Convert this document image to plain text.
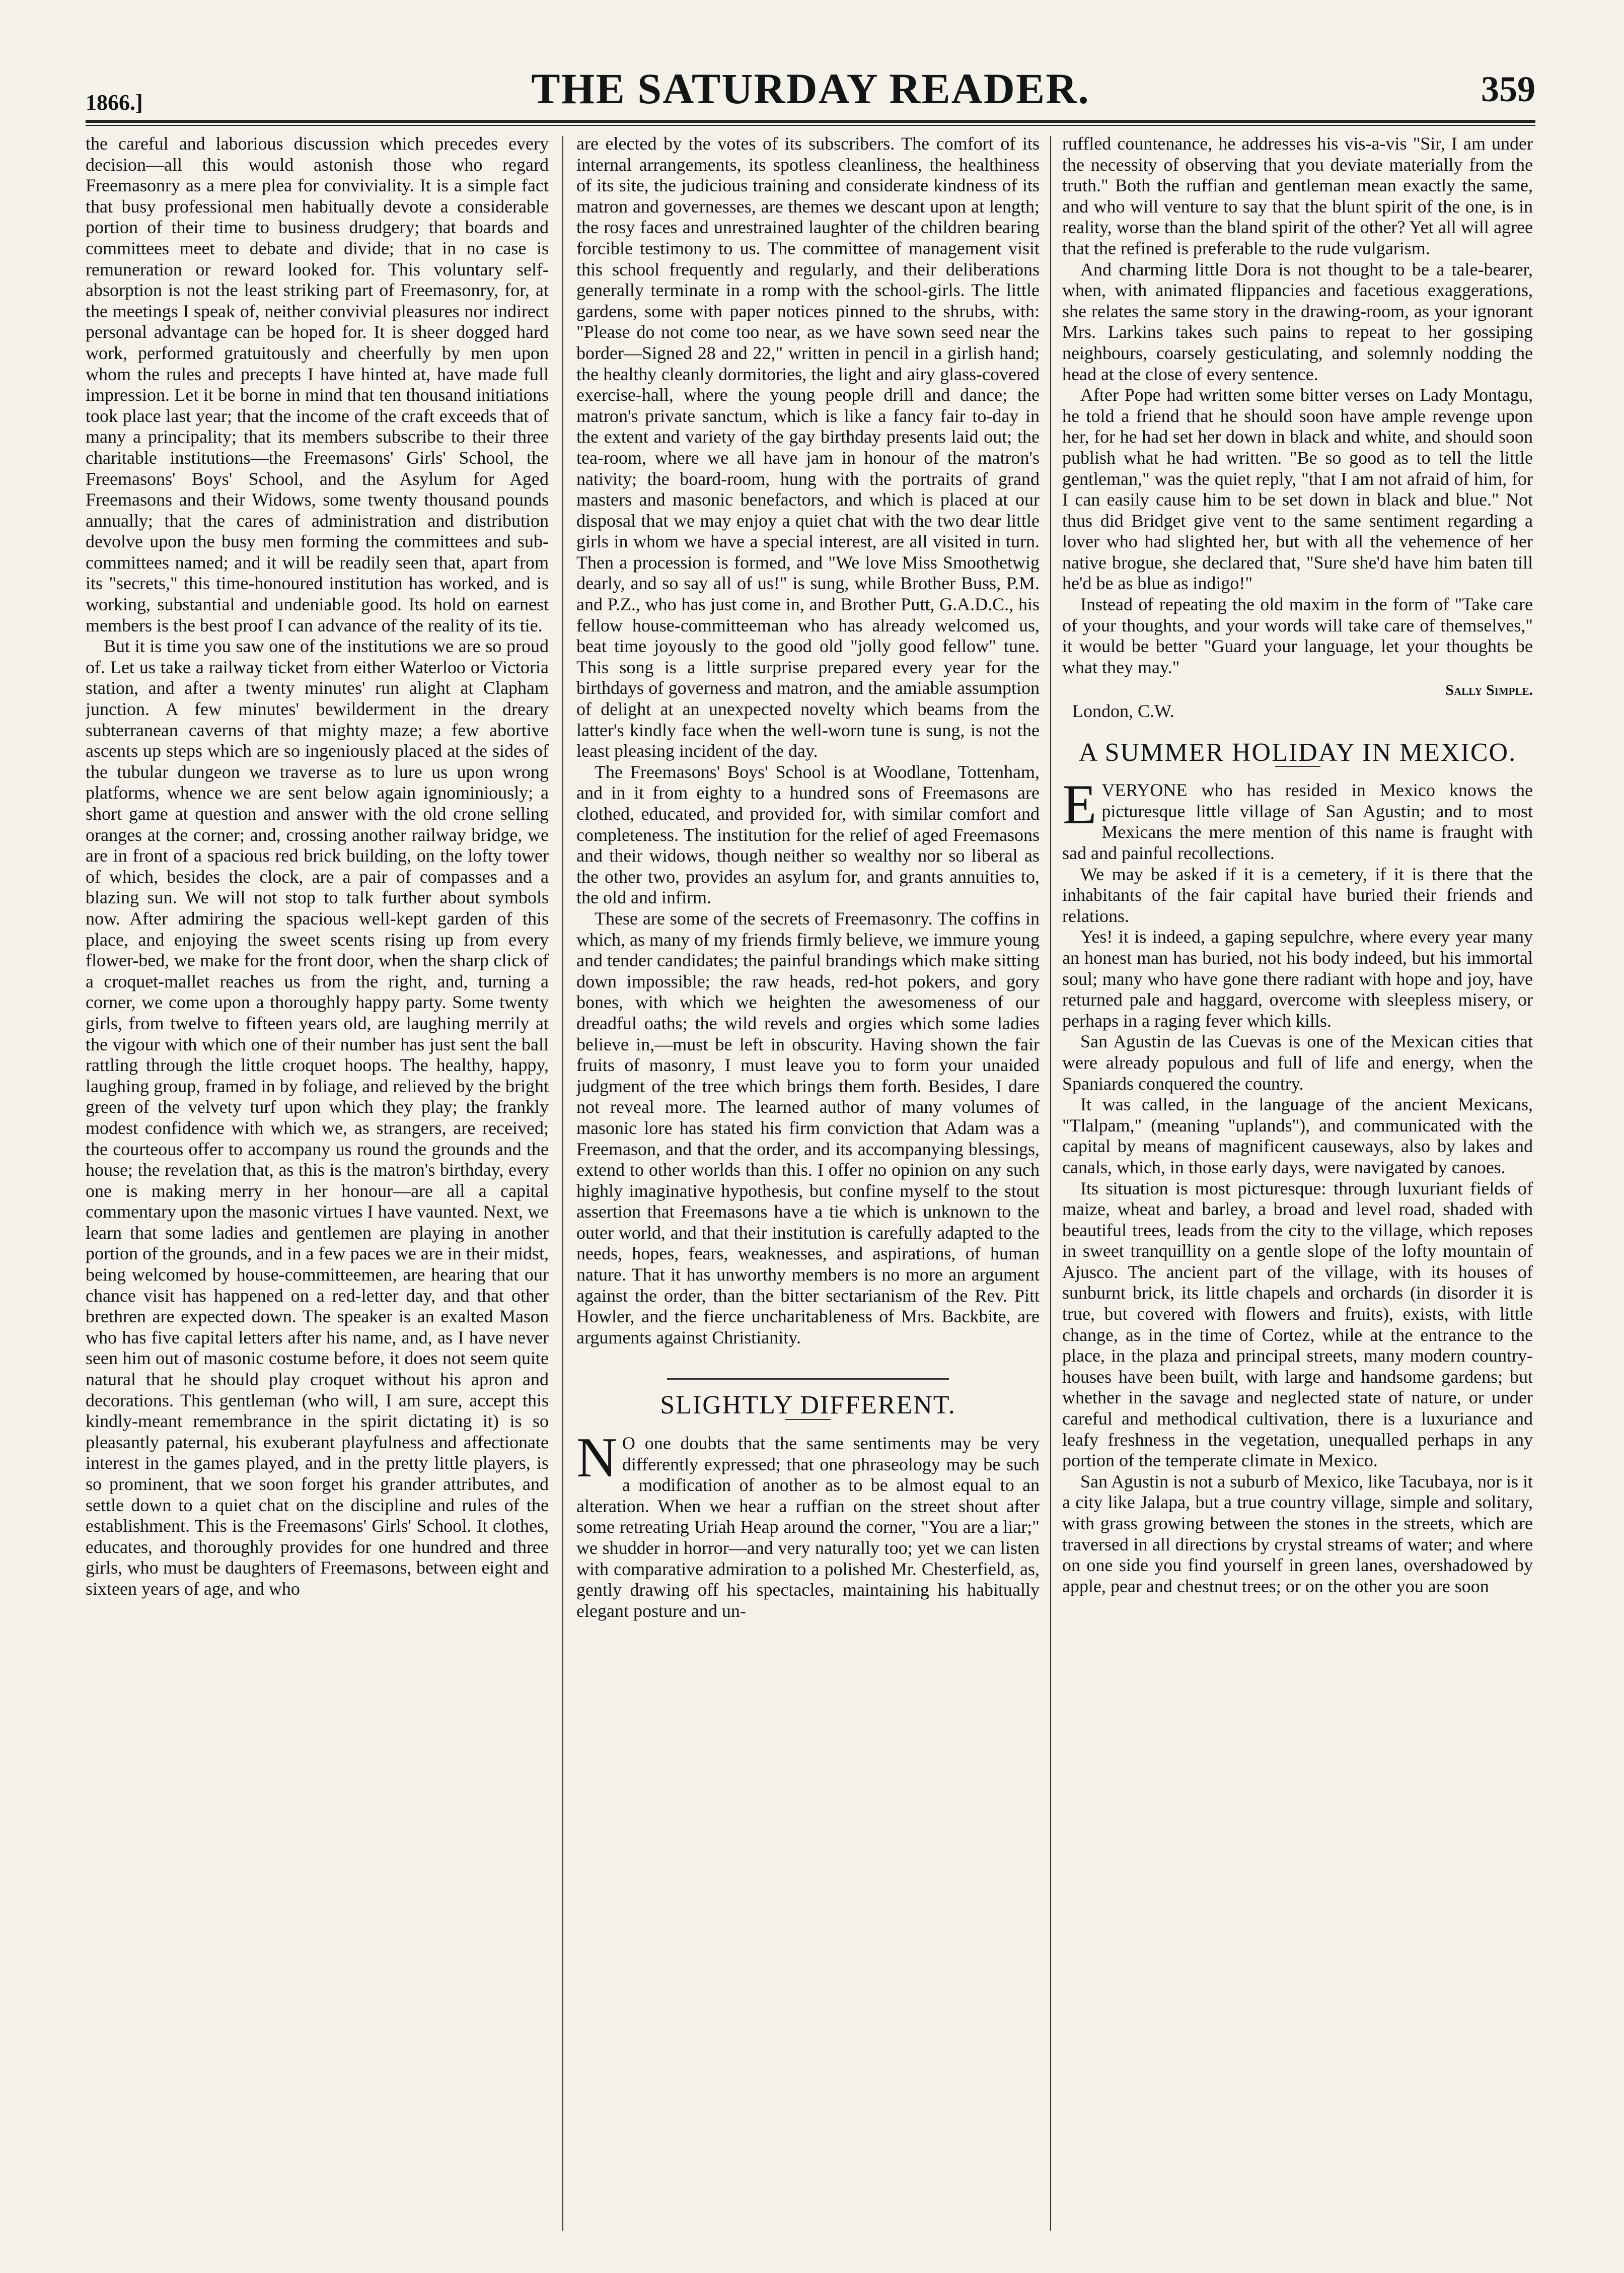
1866.]	THE SATURDAY READER.	359

the careful and laborious discussion which precedes every decision—all this would astonish those who regard Freemasonry as a mere plea for conviviality. It is a simple fact that busy professional men habitually devote a considerable portion of their time to business drudgery; that boards and committees meet to debate and divide; that in no case is remuneration or reward looked for. This voluntary self-absorption is not the least striking part of Freemasonry, for, at the meetings I speak of, neither convivial pleasures nor indirect personal advantage can be hoped for. It is sheer dogged hard work, performed gratuitously and cheerfully by men upon whom the rules and precepts I have hinted at, have made full impression. Let it be borne in mind that ten thousand initiations took place last year; that the income of the craft exceeds that of many a principality; that its members subscribe to their three charitable institutions—the Freemasons' Girls' School, the Freemasons' Boys' School, and the Asylum for Aged Freemasons and their Widows, some twenty thousand pounds annually; that the cares of administration and distribution devolve upon the busy men forming the committees and sub-committees named; and it will be readily seen that, apart from its "secrets," this time-honoured institution has worked, and is working, substantial and undeniable good. Its hold on earnest members is the best proof I can advance of the reality of its tie.

But it is time you saw one of the institutions we are so proud of. Let us take a railway ticket from either Waterloo or Victoria station, and after a twenty minutes' run alight at Clapham junction. A few minutes' bewilderment in the dreary subterranean caverns of that mighty maze; a few abortive ascents up steps which are so ingeniously placed at the sides of the tubular dungeon we traverse as to lure us upon wrong platforms, whence we are sent below again ignominiously; a short game at question and answer with the old crone selling oranges at the corner; and, crossing another railway bridge, we are in front of a spacious red brick building, on the lofty tower of which, besides the clock, are a pair of compasses and a blazing sun. We will not stop to talk further about symbols now. After admiring the spacious well-kept garden of this place, and enjoying the sweet scents rising up from every flower-bed, we make for the front door, when the sharp click of a croquet-mallet reaches us from the right, and, turning a corner, we come upon a thoroughly happy party. Some twenty girls, from twelve to fifteen years old, are laughing merrily at the vigour with which one of their number has just sent the ball rattling through the little croquet hoops. The healthy, happy, laughing group, framed in by foliage, and relieved by the bright green of the velvety turf upon which they play; the frankly modest confidence with which we, as strangers, are received; the courteous offer to accompany us round the grounds and the house; the revelation that, as this is the matron's birthday, every one is making merry in her honour—are all a capital commentary upon the masonic virtues I have vaunted. Next, we learn that some ladies and gentlemen are playing in another portion of the grounds, and in a few paces we are in their midst, being welcomed by house-committeemen, are hearing that our chance visit has happened on a red-letter day, and that other brethren are expected down. The speaker is an exalted Mason who has five capital letters after his name, and, as I have never seen him out of masonic costume before, it does not seem quite natural that he should play croquet without his apron and decorations. This gentleman (who will, I am sure, accept this kindly-meant remembrance in the spirit dictating it) is so pleasantly paternal, his exuberant playfulness and affectionate interest in the games played, and in the pretty little players, is so prominent, that we soon forget his grander attributes, and settle down to a quiet chat on the discipline and rules of the establishment. This is the Freemasons' Girls' School. It clothes, educates, and thoroughly provides for one hundred and three girls, who must be daughters of Freemasons, between eight and sixteen years of age, and who

are elected by the votes of its subscribers. The comfort of its internal arrangements, its spotless cleanliness, the healthiness of its site, the judicious training and considerate kindness of its matron and governesses, are themes we descant upon at length; the rosy faces and unrestrained laughter of the children bearing forcible testimony to us. The committee of management visit this school frequently and regularly, and their deliberations generally terminate in a romp with the school-girls. The little gardens, some with paper notices pinned to the shrubs, with: "Please do not come too near, as we have sown seed near the border—Signed 28 and 22," written in pencil in a girlish hand; the healthy cleanly dormitories, the light and airy glass-covered exercise-hall, where the young people drill and dance; the matron's private sanctum, which is like a fancy fair to-day in the extent and variety of the gay birthday presents laid out; the tea-room, where we all have jam in honour of the matron's nativity; the board-room, hung with the portraits of grand masters and masonic benefactors, and which is placed at our disposal that we may enjoy a quiet chat with the two dear little girls in whom we have a special interest, are all visited in turn. Then a procession is formed, and "We love Miss Smoothetwig dearly, and so say all of us!" is sung, while Brother Buss, P.M. and P.Z., who has just come in, and Brother Putt, G.A.D.C., his fellow house-committeeman who has already welcomed us, beat time joyously to the good old "jolly good fellow" tune. This song is a little surprise prepared every year for the birthdays of governess and matron, and the amiable assumption of delight at an unexpected novelty which beams from the latter's kindly face when the well-worn tune is sung, is not the least pleasing incident of the day.

The Freemasons' Boys' School is at Woodlane, Tottenham, and in it from eighty to a hundred sons of Freemasons are clothed, educated, and provided for, with similar comfort and completeness. The institution for the relief of aged Freemasons and their widows, though neither so wealthy nor so liberal as the other two, provides an asylum for, and grants annuities to, the old and infirm.

These are some of the secrets of Freemasonry. The coffins in which, as many of my friends firmly believe, we immure young and tender candidates; the painful brandings which make sitting down impossible; the raw heads, red-hot pokers, and gory bones, with which we heighten the awesomeness of our dreadful oaths; the wild revels and orgies which some ladies believe in,—must be left in obscurity. Having shown the fair fruits of masonry, I must leave you to form your unaided judgment of the tree which brings them forth. Besides, I dare not reveal more. The learned author of many volumes of masonic lore has stated his firm conviction that Adam was a Freemason, and that the order, and its accompanying blessings, extend to other worlds than this. I offer no opinion on any such highly imaginative hypothesis, but confine myself to the stout assertion that Freemasons have a tie which is unknown to the outer world, and that their institution is carefully adapted to the needs, hopes, fears, weaknesses, and aspirations, of human nature. That it has unworthy members is no more an argument against the order, than the bitter sectarianism of the Rev. Pitt Howler, and the fierce uncharitableness of Mrs. Backbite, are arguments against Christianity.

SLIGHTLY DIFFERENT.

N O one doubts that the same sentiments may be very differently expressed; that one phraseology may be such a modification of another as to be almost equal to an alteration. When we hear a ruffian on the street shout after some retreating Uriah Heap around the corner, "You are a liar;" we shudder in horror—and very naturally too; yet we can listen with comparative admiration to a polished Mr. Chesterfield, as, gently drawing off his spectacles, maintaining his habitually elegant posture and un-

ruffled countenance, he addresses his vis-a-vis "Sir, I am under the necessity of observing that you deviate materially from the truth." Both the ruffian and gentleman mean exactly the same, and who will venture to say that the blunt spirit of the one, is in reality, worse than the bland spirit of the other? Yet all will agree that the refined is preferable to the rude vulgarism.

And charming little Dora is not thought to be a tale-bearer, when, with animated flippancies and facetious exaggerations, she relates the same story in the drawing-room, as your ignorant Mrs. Larkins takes such pains to repeat to her gossiping neighbours, coarsely gesticulating, and solemnly nodding the head at the close of every sentence.

After Pope had written some bitter verses on Lady Montagu, he told a friend that he should soon have ample revenge upon her, for he had set her down in black and white, and should soon publish what he had written. "Be so good as to tell the little gentleman," was the quiet reply, "that I am not afraid of him, for I can easily cause him to be set down in black and blue." Not thus did Bridget give vent to the same sentiment regarding a lover who had slighted her, but with all the vehemence of her native brogue, she declared that, "Sure she'd have him baten till he'd be as blue as indigo!"

Instead of repeating the old maxim in the form of "Take care of your thoughts, and your words will take care of themselves," it would be better "Guard your language, let your thoughts be what they may."

Sally Simple.

London, C.W.

A SUMMER HOLIDAY IN MEXICO.

EVERYONE who has resided in Mexico knows the picturesque little village of San Agustin; and to most Mexicans the mere mention of this name is fraught with sad and painful recollections.

We may be asked if it is a cemetery, if it is there that the inhabitants of the fair capital have buried their friends and relations.

Yes! it is indeed, a gaping sepulchre, where every year many an honest man has buried, not his body indeed, but his immortal soul; many who have gone there radiant with hope and joy, have returned pale and haggard, overcome with sleepless misery, or perhaps in a raging fever which kills.

San Agustin de las Cuevas is one of the Mexican cities that were already populous and full of life and energy, when the Spaniards conquered the country.

It was called, in the language of the ancient Mexicans, "Tlalpam," (meaning "uplands"), and communicated with the capital by means of magnificent causeways, also by lakes and canals, which, in those early days, were navigated by canoes.

Its situation is most picturesque: through luxuriant fields of maize, wheat and barley, a broad and level road, shaded with beautiful trees, leads from the city to the village, which reposes in sweet tranquillity on a gentle slope of the lofty mountain of Ajusco. The ancient part of the village, with its houses of sunburnt brick, its little chapels and orchards (in disorder it is true, but covered with flowers and fruits), exists, with little change, as in the time of Cortez, while at the entrance to the place, in the plaza and principal streets, many modern country-houses have been built, with large and handsome gardens; but whether in the savage and neglected state of nature, or under careful and methodical cultivation, there is a luxuriance and leafy freshness in the vegetation, unequalled perhaps in any portion of the temperate climate in Mexico.

San Agustin is not a suburb of Mexico, like Tacubaya, nor is it a city like Jalapa, but a true country village, simple and solitary, with grass growing between the stones in the streets, which are traversed in all directions by crystal streams of water; and where on one side you find yourself in green lanes, overshadowed by apple, pear and chestnut trees; or on the other you are soon
